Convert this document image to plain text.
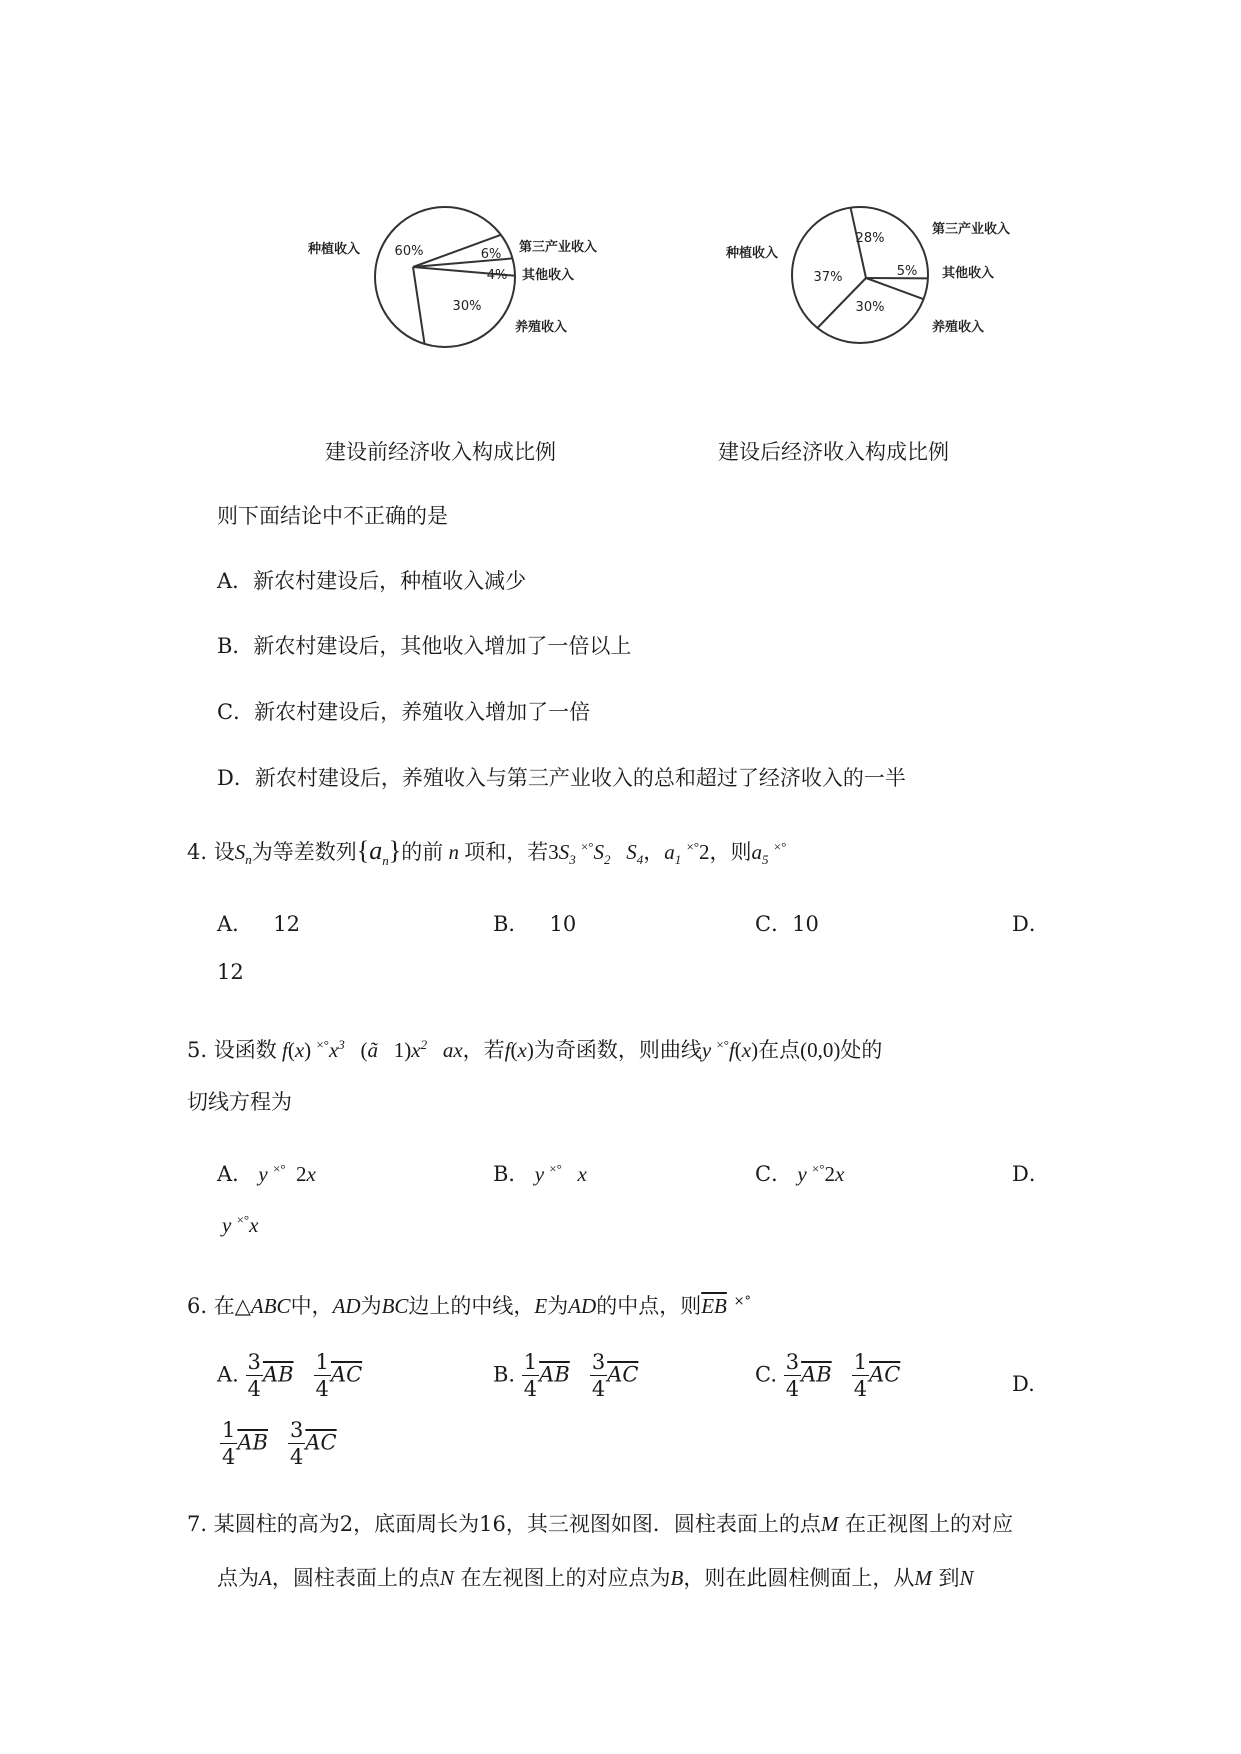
60%	6%
4%
30%
种植收入	第三产业收入
其他收入
养殖收入
建设前经济收入构成比例
37%
28%
5%
30%
种植收入
第三产业收入
其他收入
养殖收入
建设后经济收入构成比例
则下面结论中不正确的是
A．新农村建设后，种植收入减少
B．新农村建设后，其他收入增加了一倍以上
C．新农村建设后，养殖收入增加了一倍
D．新农村建设后，养殖收入与第三产业收入的总和超过了经济收入的一半
4. 设$S_n$为等差数列$\{a_n\}$的前 n 项和，若$3S_3$ $^{\times^\circ}S_2$   $S_4$，$a_1$ ×°2，则$a_5$ ×°
A． 12	B． 10	C．10	D．
12
5. 设函数 f(x) $^{\times^\circ}x^3$ (ã   $1)x^2$   ax，若f(x)为奇函数，则曲线y ×°f(x)在点(0,0)处的
切线方程为
A． y ×° 2x	B． y ×°   x	C． y ×°2x	D．
y ×°x
6. 在△ABC中，AD为BC边上的中线，E为AD的中点，则$\overline{EB}$ ×°
A. $\frac{3}{4} \overline{AB} \frac{1}{4} \overline{AC}$	B. $\frac{1}{4} \overline{AB} \frac{3}{4} \overline{AC}$	C. $\frac{3}{4} \overline{AB} \frac{1}{4} \overline{AC}$	D.
$\frac{1}{4} \overline{AB} \frac{3}{4} \overline{AC}$
7. 某圆柱的高为2，底面周长为16，其三视图如图．圆柱表面上的点M 在正视图上的对应
点为A，圆柱表面上的点N 在左视图上的对应点为B，则在此圆柱侧面上，从M 到N
